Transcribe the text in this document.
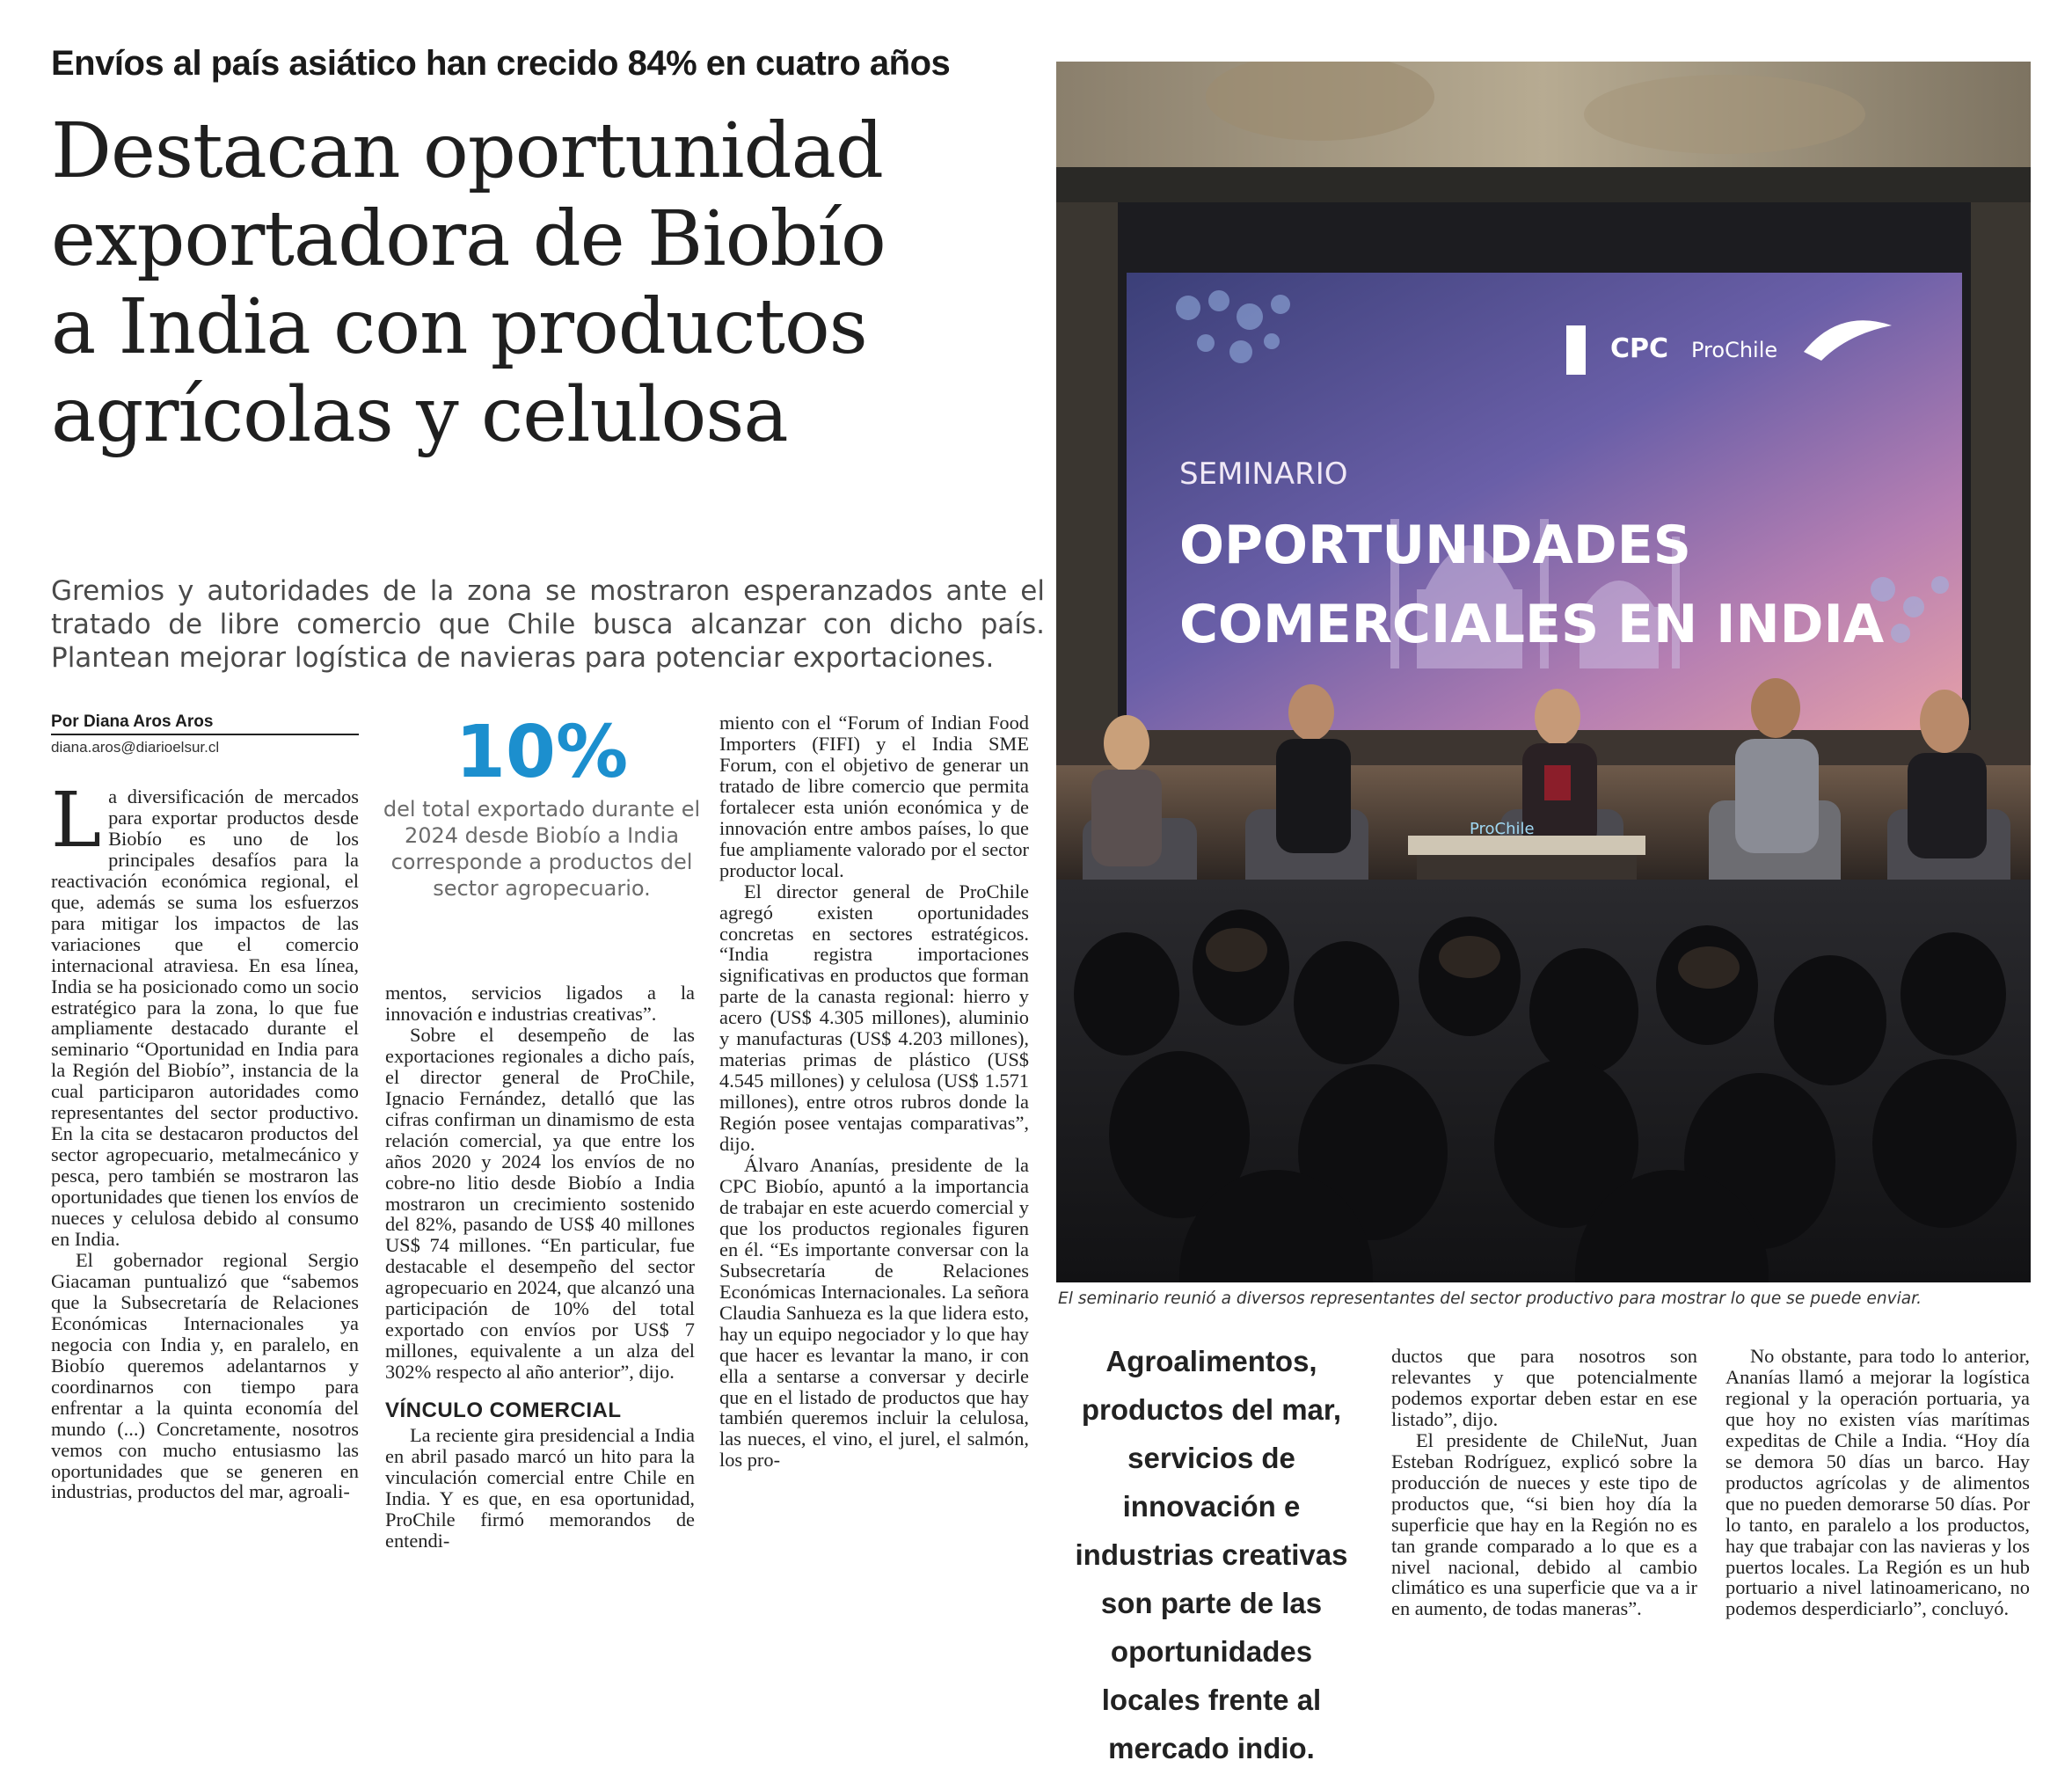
Envíos al país asiático han crecido 84% en cuatro años
Destacan oportunidad
exportadora de Biobío
a India con productos
agrícolas y celulosa
Gremios y autoridades de la zona se mostraron esperanzados ante el tratado de libre comercio que Chile busca alcanzar con dicho país. Plantean mejorar logística de navieras para potenciar exportaciones.
Por Diana Aros Aros
diana.aros@diarioelsur.cl

La diversificación de mercados para exportar productos desde Biobío es uno de los principales desafíos para la reactivación económica regional, el que, además se suma los esfuerzos para mitigar los impactos de las variaciones que el comercio internacional atraviesa. En esa línea, India se ha posicionado como un socio estratégico para la zona, lo que fue ampliamente destacado durante el seminario “Oportunidad en India para la Región del Biobío”, instancia de la cual participaron autoridades como representantes del sector productivo. En la cita se destacaron productos del sector agropecuario, metalmecánico y pesca, pero también se mostraron las oportunidades que tienen los envíos de nueces y celulosa debido al consumo en India.

El gobernador regional Sergio Giacaman puntualizó que “sabemos que la Subsecretaría de Relaciones Económicas Internacionales ya negocia con India y, en paralelo, en Biobío queremos adelantarnos y coordinarnos con tiempo para enfrentar a la quinta economía del mundo (...) Concretamente, nosotros vemos con mucho entusiasmo las oportunidades que se generen en industrias, productos del mar, agroali-

10%
del total exportado durante el 2024 desde Biobío a India corresponde a productos del sector agropecuario.

mentos, servicios ligados a la innovación e industrias creativas”.

Sobre el desempeño de las exportaciones regionales a dicho país, el director general de ProChile, Ignacio Fernández, detalló que las cifras confirman un dinamismo de esta relación comercial, ya que entre los años 2020 y 2024 los envíos de no cobre-no litio desde Biobío a India mostraron un crecimiento sostenido del 82%, pasando de US$ 40 millones US$ 74 millones. “En particular, fue destacable el desempeño del sector agropecuario en 2024, que alcanzó una participación de 10% del total exportado con envíos por US$ 7 millones, equivalente a un alza del 302% respecto al año anterior”, dijo.

VÍNCULO COMERCIAL

La reciente gira presidencial a India en abril pasado marcó un hito para la vinculación comercial entre Chile en India. Y es que, en esa oportunidad, ProChile firmó memorandos de entendi-

miento con el “Forum of Indian Food Importers (FIFI) y el India SME Forum, con el objetivo de generar un tratado de libre comercio que permita fortalecer esta unión económica y de innovación entre ambos países, lo que fue ampliamente valorado por el sector productor local.

El director general de ProChile agregó existen oportunidades concretas en sectores estratégicos. “India registra importaciones significativas en productos que forman parte de la canasta regional: hierro y acero (US$ 4.305 millones), aluminio y manufacturas (US$ 4.203 millones), materias primas de plástico (US$ 4.545 millones) y celulosa (US$ 1.571 millones), entre otros rubros donde la Región posee ventajas comparativas”, dijo.

Álvaro Ananías, presidente de la CPC Biobío, apuntó a la importancia de trabajar en este acuerdo comercial y que los productos regionales figuren en él. “Es importante conversar con la Subsecretaría de Relaciones Económicas Internacionales. La señora Claudia Sanhueza es la que lidera esto, hay un equipo negociador y lo que hay que hacer es levantar la mano, ir con ella a sentarse a conversar y decirle que en el listado de productos que hay también queremos incluir la celulosa, las nueces, el vino, el jurel, el salmón, los pro-

SEMINARIO
OPORTUNIDADES
COMERCIALES EN INDIA
CPC ProChile
ProChile
El seminario reunió a diversos representantes del sector productivo para mostrar lo que se puede enviar.
Agroalimentos, productos del mar, servicios de innovación e industrias creativas son parte de las oportunidades locales frente al mercado indio.

ductos que para nosotros son relevantes y que potencialmente podemos exportar deben estar en ese listado”, dijo.

El presidente de ChileNut, Juan Esteban Rodríguez, explicó sobre la producción de nueces y este tipo de productos que, “si bien hoy día la superficie que hay en la Región no es tan grande comparado a lo que es a nivel nacional, debido al cambio climático es una superficie que va a ir en aumento, de todas maneras”.

No obstante, para todo lo anterior, Ananías llamó a mejorar la logística regional y la operación portuaria, ya que hoy no existen vías marítimas expeditas de Chile a India. “Hoy día se demora 50 días un barco. Hay productos agrícolas y de alimentos que no pueden demorarse 50 días. Por lo tanto, en paralelo a los productos, hay que trabajar con las navieras y los puertos locales. La Región es un hub portuario a nivel latinoamericano, no podemos desperdiciarlo”, concluyó.
